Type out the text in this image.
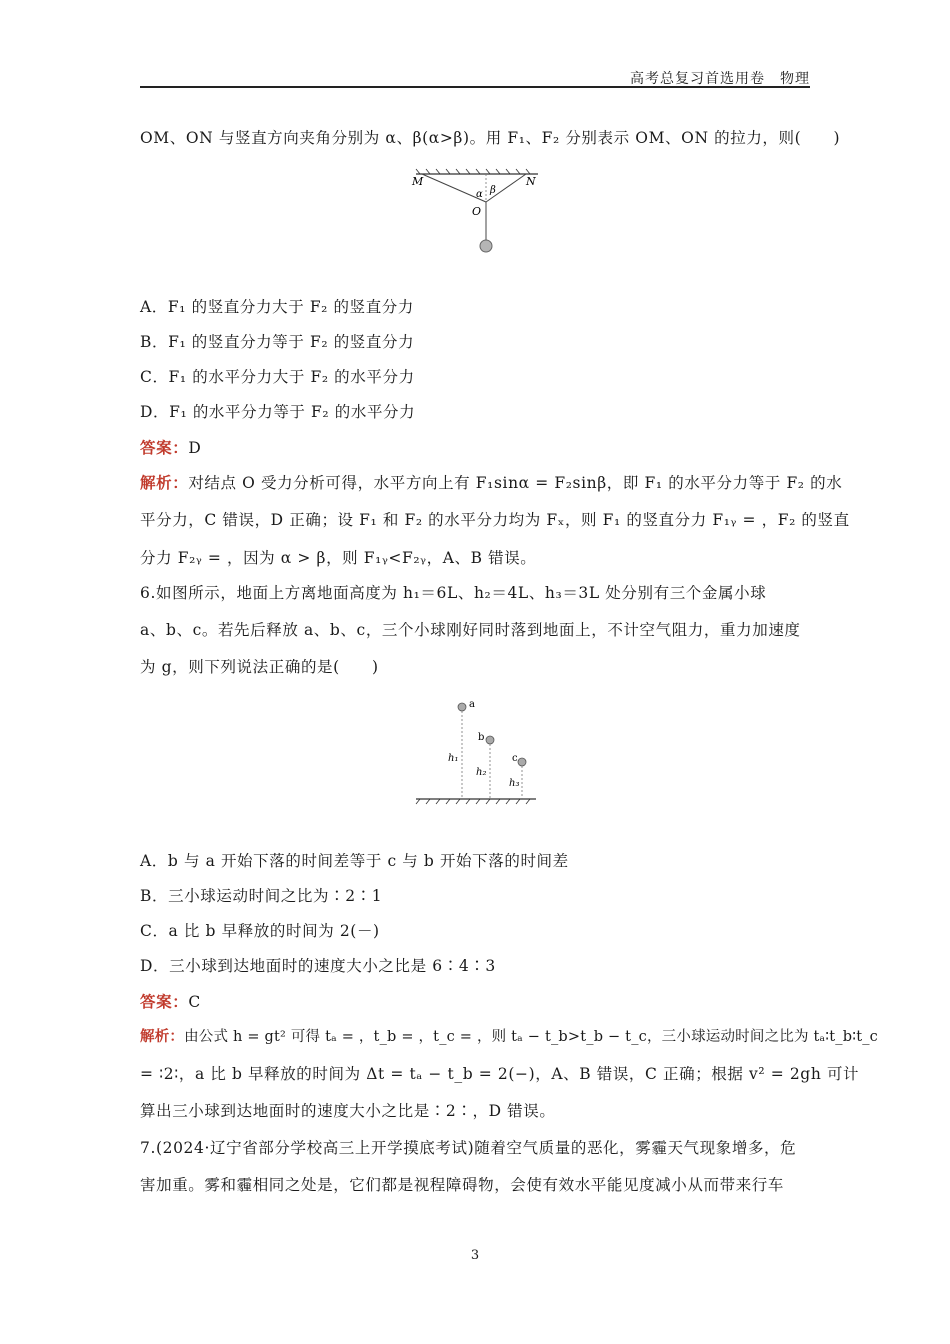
高考总复习首选用卷　物理
OM、ON 与竖直方向夹角分别为 α、β(α>β)。用 F₁、F₂ 分别表示 OM、ON 的拉力，则(　　)
M	N
α β
O
A．F₁ 的竖直分力大于 F₂ 的竖直分力
B．F₁ 的竖直分力等于 F₂ 的竖直分力
C．F₁ 的水平分力大于 F₂ 的水平分力
D．F₁ 的水平分力等于 F₂ 的水平分力
答案：D
解析：对结点 O 受力分析可得，水平方向上有 F₁sinα = F₂sinβ，即 F₁ 的水平分力等于 F₂ 的水
平分力，C 错误，D 正确；设 F₁ 和 F₂ 的水平分力均为 Fₓ，则 F₁ 的竖直分力 F₁ᵧ = ，F₂ 的竖直
分力 F₂ᵧ = ，因为 α > β，则 F₁ᵧ<F₂ᵧ，A、B 错误。
6.如图所示，地面上方离地面高度为 h₁＝6L、h₂＝4L、h₃＝3L 处分别有三个金属小球
a、b、c。若先后释放 a、b、c，三个小球刚好同时落到地面上，不计空气阻力，重力加速度
为 g，则下列说法正确的是(　　)
a
b
c
h₁
h₂
h₃
A．b 与 a 开始下落的时间差等于 c 与 b 开始下落的时间差
B．三小球运动时间之比为∶2∶1
C．a 比 b 早释放的时间为 2(－)
D．三小球到达地面时的速度大小之比是 6∶4∶3
答案：C
解析：由公式 h = gt² 可得 tₐ = ，t_b = ，t_c = ，则 tₐ − t_b>t_b − t_c，三小球运动时间之比为 tₐ∶t_b∶t_c
= ∶2∶，a 比 b 早释放的时间为 Δt = tₐ − t_b = 2(−)，A、B 错误，C 正确；根据 v² = 2gh 可计
算出三小球到达地面时的速度大小之比是∶2∶，D 错误。
7.(2024·辽宁省部分学校高三上开学摸底考试)随着空气质量的恶化，雾霾天气现象增多，危
害加重。雾和霾相同之处是，它们都是视程障碍物，会使有效水平能见度减小从而带来行车
3
